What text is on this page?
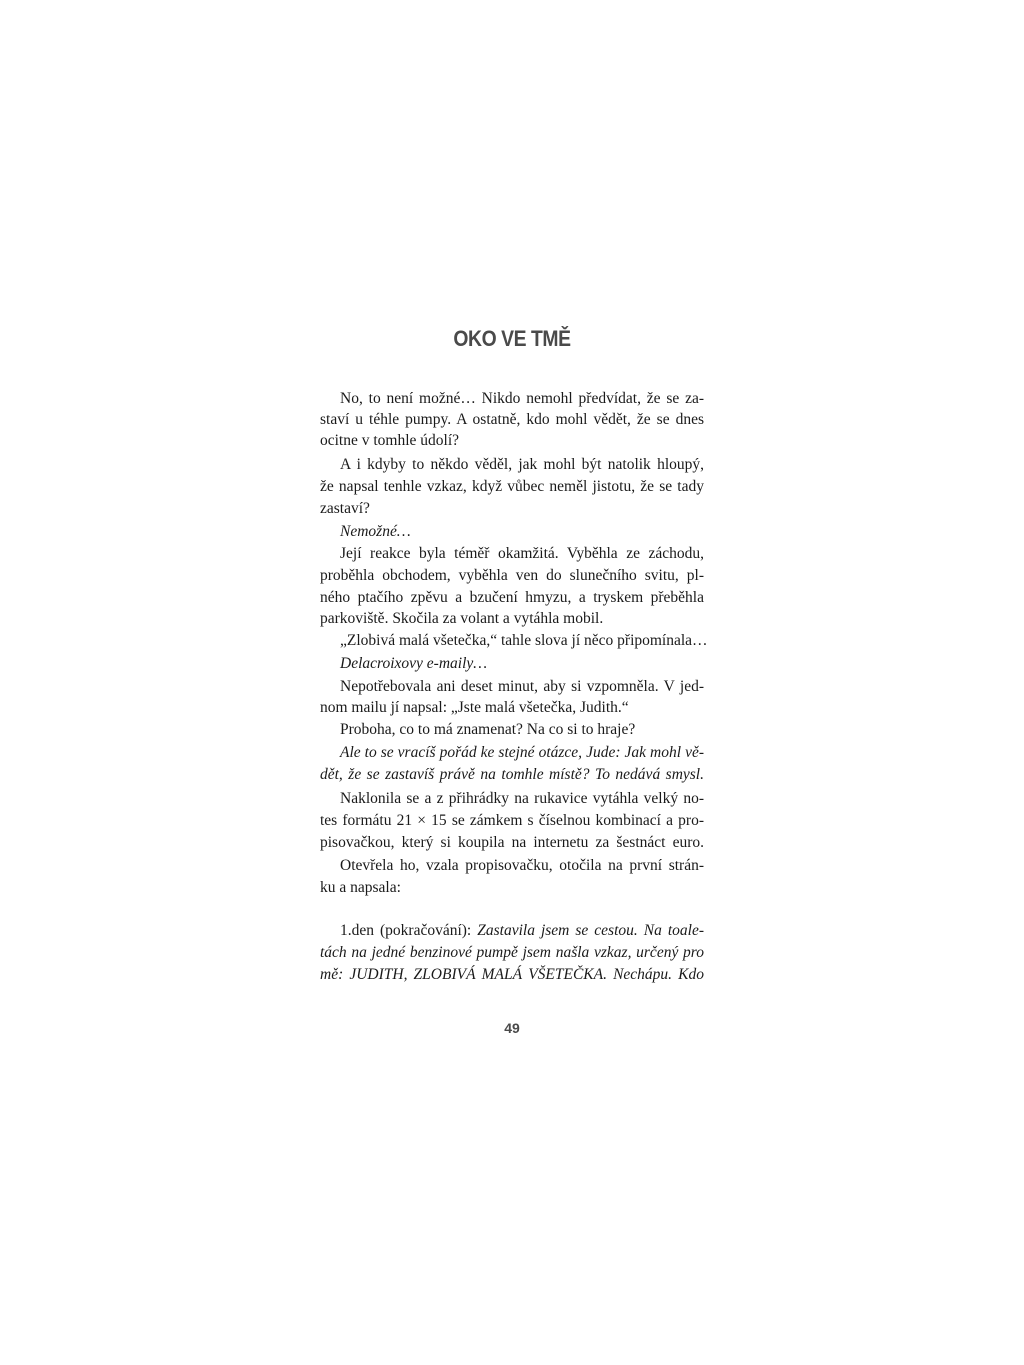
OKO VE TMĚ
No, to není možné… Nikdo nemohl předvídat, že se za-
staví u téhle pumpy. A ostatně, kdo mohl vědět, že se dnes
ocitne v tomhle údolí?
A i kdyby to někdo věděl, jak mohl být natolik hloupý,
že napsal tenhle vzkaz, když vůbec neměl jistotu, že se tady
zastaví?
Nemožné…
Její reakce byla téměř okamžitá. Vyběhla ze záchodu,
proběhla obchodem, vyběhla ven do slunečního svitu, pl-
ného ptačího zpěvu a bzučení hmyzu, a tryskem přeběhla
parkoviště. Skočila za volant a vytáhla mobil.
„Zlobivá malá všetečka,“ tahle slova jí něco připomínala…
Delacroixovy e-maily…
Nepotřebovala ani deset minut, aby si vzpomněla. V jed-
nom mailu jí napsal: „Jste malá všetečka, Judith.“
Proboha, co to má znamenat? Na co si to hraje?
Ale to se vracíš pořád ke stejné otázce, Jude: Jak mohl vě-
dět, že se zastavíš právě na tomhle místě? To nedává smysl.
Naklonila se a z přihrádky na rukavice vytáhla velký no-
tes formátu 21 × 15 se zámkem s číselnou kombinací a pro-
pisovačkou, který si koupila na internetu za šestnáct euro.
Otevřela ho, vzala propisovačku, otočila na první strán-
ku a napsala:
1.den (pokračování): Zastavila jsem se cestou. Na toale-
tách na jedné benzinové pumpě jsem našla vzkaz, určený pro
mě: JUDITH, ZLOBIVÁ MALÁ VŠETEČKA. Nechápu. Kdo
49
